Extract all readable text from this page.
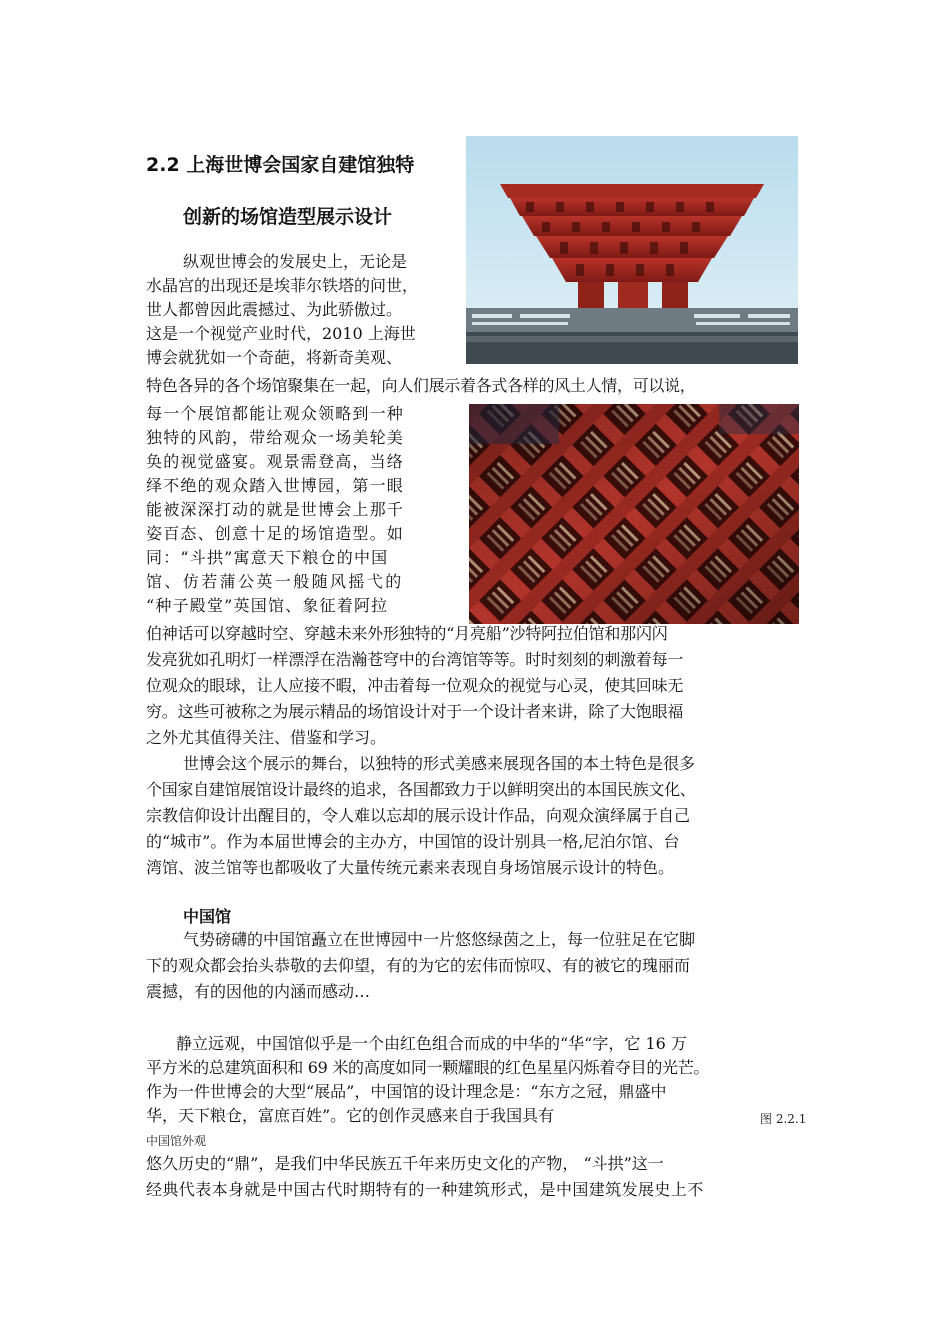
2.2 上海世博会国家自建馆独特
创新的场馆造型展示设计

纵观世博会的发展史上，无论是

水晶宫的出现还是埃菲尔铁塔的问世，

世人都曾因此震撼过、为此骄傲过。

这是一个视觉产业时代，2010 上海世

博会就犹如一个奇葩，将新奇美观、

特色各异的各个场馆聚集在一起，向人们展示着各式各样的风土人情，可以说，

每一个展馆都能让观众领略到一种

独特的风韵，带给观众一场美轮美

奂的视觉盛宴。观景需登高，当络

绎不绝的观众踏入世博园，第一眼

能被深深打动的就是世博会上那千

姿百态、创意十足的场馆造型。如

同：“斗拱”寓意天下粮仓的中国

馆、仿若蒲公英一般随风摇弋的

“种子殿堂”英国馆、象征着阿拉

伯神话可以穿越时空、穿越未来外形独特的“月亮船”沙特阿拉伯馆和那闪闪

发亮犹如孔明灯一样漂浮在浩瀚苍穹中的台湾馆等等。时时刻刻的刺激着每一

位观众的眼球，让人应接不暇，冲击着每一位观众的视觉与心灵，使其回味无

穷。这些可被称之为展示精品的场馆设计对于一个设计者来讲，除了大饱眼福

之外尤其值得关注、借鉴和学习。

世博会这个展示的舞台，以独特的形式美感来展现各国的本土特色是很多

个国家自建馆展馆设计最终的追求，各国都致力于以鲜明突出的本国民族文化、

宗教信仰设计出醒目的，令人难以忘却的展示设计作品，向观众演绎属于自己

的“城市”。作为本届世博会的主办方，中国馆的设计别具一格,尼泊尔馆、台

湾馆、波兰馆等也都吸收了大量传统元素来表现自身场馆展示设计的特色。

中国馆

气势磅礴的中国馆矗立在世博园中一片悠悠绿茵之上，每一位驻足在它脚

下的观众都会抬头恭敬的去仰望，有的为它的宏伟而惊叹、有的被它的瑰丽而

震撼，有的因他的内涵而感动…

静立远观，中国馆似乎是一个由红色组合而成的中华的“华“字，它 16 万

平方米的总建筑面积和 69 米的高度如同一颗耀眼的红色星星闪烁着夺目的光芒。

作为一件世博会的大型“展品”，中国馆的设计理念是：“东方之冠，鼎盛中

华，天下粮仓，富庶百姓”。它的创作灵感来自于我国具有	图 2.2.1
中国馆外观

悠久历史的“鼎”，是我们中华民族五千年来历史文化的产物， “斗拱”这一

经典代表本身就是中国古代时期特有的一种建筑形式，是中国建筑发展史上不
